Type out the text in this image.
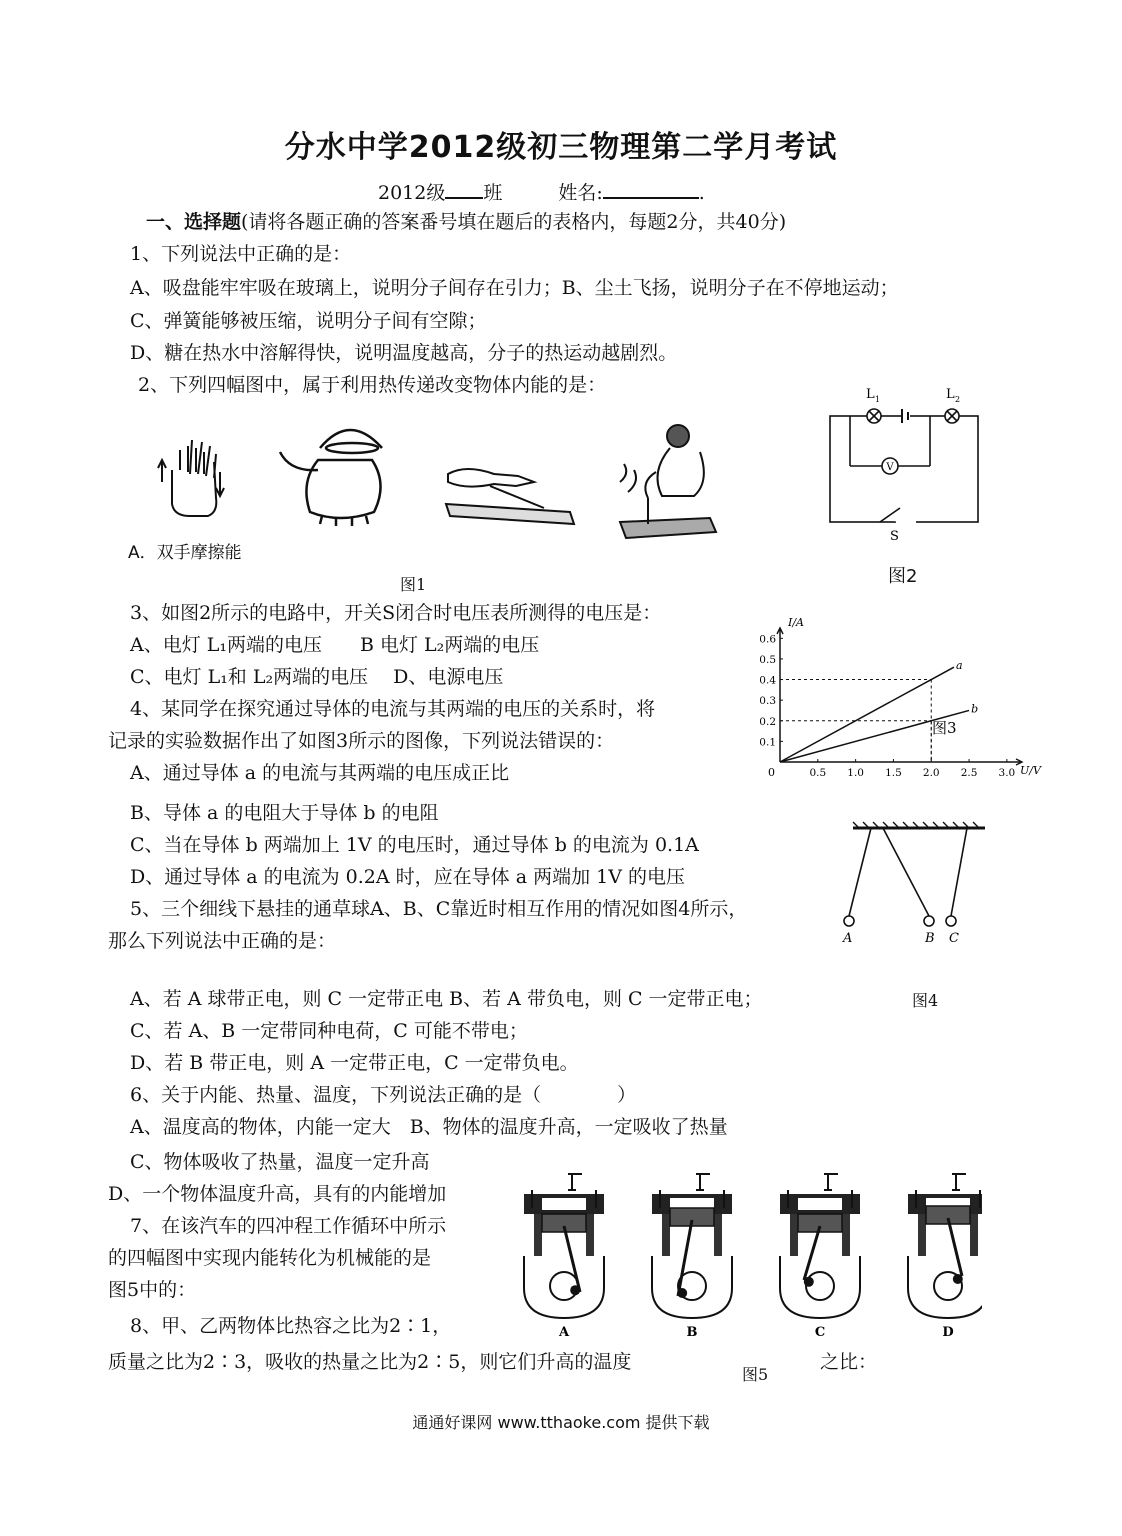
分水中学2012级初三物理第二学月考试
2012级 班	姓名:	.
一、选择题(请将各题正确的答案番号填在题后的表格内，每题2分，共40分)
1、下列说法中正确的是：
A、吸盘能牢牢吸在玻璃上，说明分子间存在引力；B、尘土飞扬，说明分子在不停地运动；
C、弹簧能够被压缩，说明分子间有空隙；
D、糖在热水中溶解得快，说明温度越高，分子的热运动越剧烈。
2、下列四幅图中，属于利用热传递改变物体内能的是：
A．双手摩擦能
图1
V
L 1	L 2
S
图2
3、如图2所示的电路中，开关S闭合时电压表所测得的电压是：
A、电灯 L₁两端的电压　　B 电灯 L₂两端的电压
C、电灯 L₁和 L₂两端的电压　 D、电源电压
a
b
0.5 1.0 1.5 2.0 2.5 3.0
0.1
0.2
0.3
0.4
0.5
0.6
0
I/A
U/V
图3
4、某同学在探究通过导体的电流与其两端的电压的关系时，将
记录的实验数据作出了如图3所示的图像，下列说法错误的：
A、通过导体 a 的电流与其两端的电压成正比
B、导体 a 的电阻大于导体 b 的电阻
C、当在导体 b 两端加上 1V 的电压时，通过导体 b 的电流为 0.1A
D、通过导体 a 的电流为 0.2A 时，应在导体 a 两端加 1V 的电压
A	B C
5、三个细线下悬挂的通草球A、B、C靠近时相互作用的情况如图4所示，
那么下列说法中正确的是：
A、若 A 球带正电，则 C 一定带正电 B、若 A 带负电，则 C 一定带正电；	图4
C、若 A、B 一定带同种电荷，C 可能不带电；
D、若 B 带正电，则 A 一定带正电，C 一定带负电。
6、关于内能、热量、温度，下列说法正确的是（　　　　）
A、温度高的物体，内能一定大　B、物体的温度升高，一定吸收了热量
C、物体吸收了热量，温度一定升高
D、一个物体温度升高，具有的内能增加
7、在该汽车的四冲程工作循环中所示
的四幅图中实现内能转化为机械能的是
图5中的：
8、甲、乙两物体比热容之比为2∶1，
质量之比为2∶3，吸收的热量之比为2∶5，则它们升高的温度	之比：
A	B	C	D
图5
通通好课网 www.tthaoke.com 提供下载
